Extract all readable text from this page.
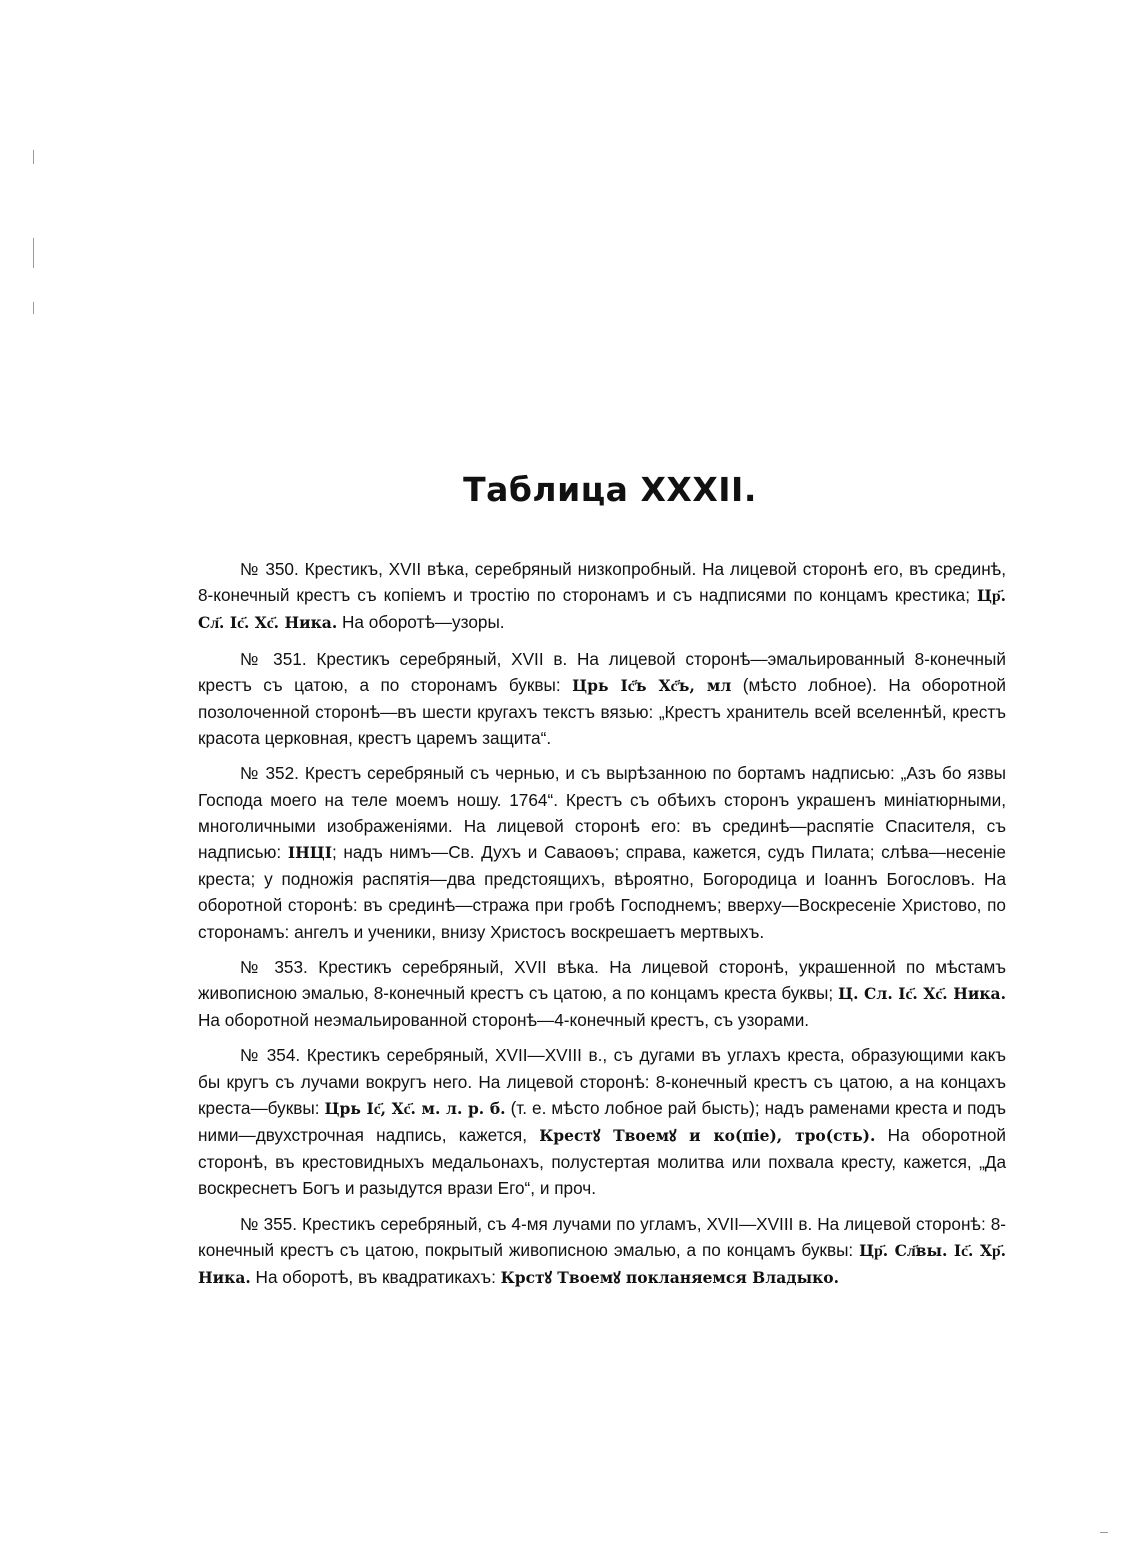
Таблица XXXII.

№ 350. Крестикъ, XVII вѣка, серебряный низкопробный. На лицевой сторонѣ его, въ срединѣ, 8-конечный крестъ съ копіемъ и тростію по сторонамъ и съ надписями по концамъ крестика; Цр҃. Сл҃. Іс҃. Хс҃. Ника. На оборотѣ—узоры.

№ 351. Крестикъ серебряный, XVII в. На лицевой сторонѣ—эмальированный 8-конечный крестъ съ цатою, а по сторонамъ буквы: Црь Іс҃ъ Хс҃ъ, мл (мѣсто лобное). На оборотной позолоченной сторонѣ—въ шести кругахъ текстъ вязью: „Крестъ хранитель всей вселеннѣй, крестъ красота церковная, крестъ царемъ защита“.

№ 352. Крестъ серебряный съ чернью, и съ вырѣзанною по бортамъ надписью: „Азъ бо язвы Господа моего на теле моемъ ношу. 1764“. Крестъ съ обѣихъ сторонъ украшенъ миніатюрными, многоличными изображеніями. На лицевой сторонѣ его: въ срединѣ—распятіе Спасителя, съ надписью: ІНЦІ; надъ нимъ—Св. Духъ и Саваоѳъ; справа, кажется, судъ Пилата; слѣва—несеніе креста; у подножія распятія—два предстоящихъ, вѣроятно, Богородица и Іоаннъ Богословъ. На оборотной сторонѣ: въ срединѣ—стража при гробѣ Господнемъ; вверху—Воскресеніе Христово, по сторонамъ: ангелъ и ученики, внизу Христосъ воскрешаетъ мертвыхъ.

№ 353. Крестикъ серебряный, XVII вѣка. На лицевой сторонѣ, украшенной по мѣстамъ живописною эмалью, 8-конечный крестъ съ цатою, а по концамъ креста буквы; Ц. Сл. Іс҃. Хс҃. Ника. На оборотной неэмальированной сторонѣ—4-конечный крестъ, съ узорами.

№ 354. Крестикъ серебряный, XVII—XVIII в., съ дугами въ углахъ креста, образующими какъ бы кругъ съ лучами вокругъ него. На лицевой сторонѣ: 8-конечный крестъ съ цатою, а на концахъ креста—буквы: Црь Іс҃, Хс҃. м. л. р. б. (т. е. мѣсто лобное рай бысть); надъ раменами креста и подъ ними—двухстрочная надпись, кажется, Крестꙋ Твоемꙋ и ко(піе), тро(сть). На оборотной сторонѣ, въ крестовидныхъ медальонахъ, полустертая молитва или похвала кресту, кажется, „Да воскреснетъ Богъ и разыдутся врази Его“, и проч.

№ 355. Крестикъ серебряный, съ 4-мя лучами по угламъ, XVII—XVIII в. На лицевой сторонѣ: 8-конечный крестъ съ цатою, покрытый живописною эмалью, а по концамъ буквы: Цр҃. Сл҃вы. Іс҃. Хр҃. Ника. На оборотѣ, въ квадратикахъ: Крстꙋ Твоемꙋ покланяемся Владыко.
